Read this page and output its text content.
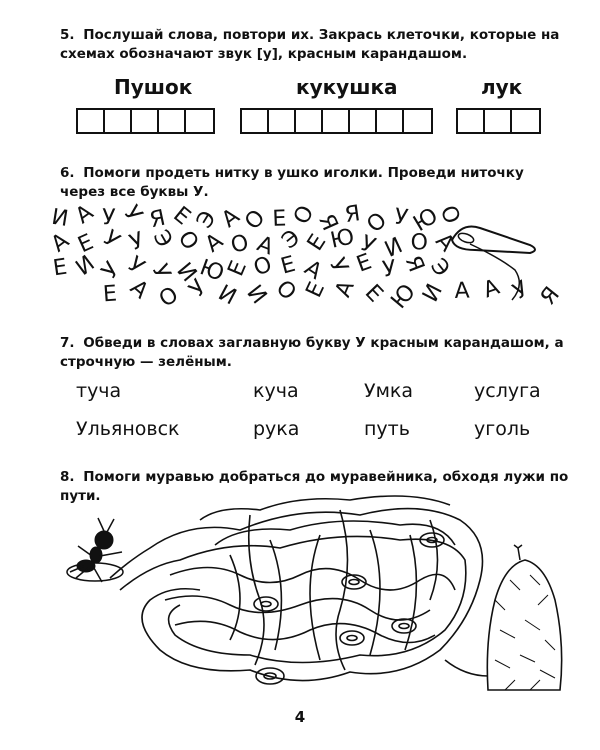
5. Послушай слова, повтори их. Закрась клеточки, которые на схемах обозначают звук [у], красным карандашом.
Пушок	кукушка	лук
6. Помоги продеть нитку в ушко иголки. Проведи ниточку через все буквы У.
И А У У Я Е
Э
А
О Е О
Я Я О У Ю
О
А Е У У Э
О
А О А Э
Е
Ю У И О А
Е И
У
У
У
И
Ю
Е
О Е А
У Е У Я
Э
Е А О У И И О Е А Е Ю
И А А У Я
7. Обведи в словах заглавную букву У красным карандашом, а строчную — зелёным.
туча	куча	Умка	услуга
Ульяновск	рука	путь	уголь
8. Помоги муравью добраться до муравейника, обходя лужи по пути.
4
